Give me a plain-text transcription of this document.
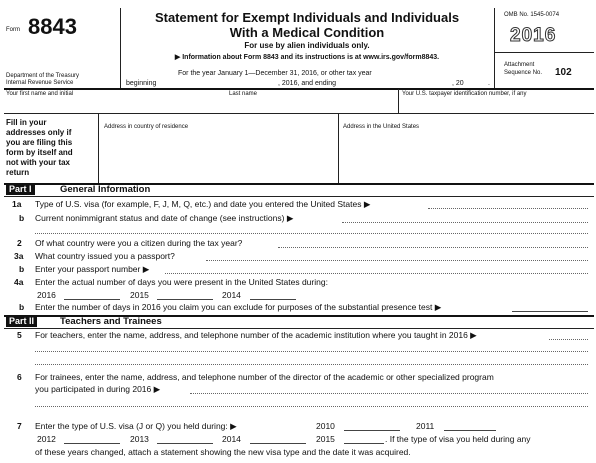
Form 8843	Statement for Exempt Individuals and Individuals
With a Medical Condition
For use by alien individuals only.
▶ Information about Form 8843 and its instructions is at www.irs.gov/form8843.
OMB No. 1545-0074
2016
Attachment
Sequence No. 102
Department of the Treasury
Internal Revenue Service
For the year January 1—December 31, 2016, or other tax year
beginning	, 2016, and ending	, 20	.
Your first name and initial	Last name	Your U.S. taxpayer identification number, if any
Fill in your
addresses only if
you are filing this
form by itself and
not with your tax
return
Address in country of residence	Address in the United States
Part I	General Information
1a Type of U.S. visa (for example, F, J, M, Q, etc.) and date you entered the United States ▶
b Current nonimmigrant status and date of change (see instructions) ▶
2 Of what country were you a citizen during the tax year?
3a What country issued you a passport?
b Enter your passport number ▶
4a Enter the actual number of days you were present in the United States during:
2016	2015	2014
b Enter the number of days in 2016 you claim you can exclude for purposes of the substantial presence test ▶
Part II	Teachers and Trainees
5 For teachers, enter the name, address, and telephone number of the academic institution where you taught in 2016 ▶
6 For trainees, enter the name, address, and telephone number of the director of the academic or other specialized program
you participated in during 2016 ▶
7 Enter the type of U.S. visa (J or Q) you held during: ▶	2010	2011
2012	2013	2014	2015	. If the type of visa you held during any
of these years changed, attach a statement showing the new visa type and the date it was acquired.
